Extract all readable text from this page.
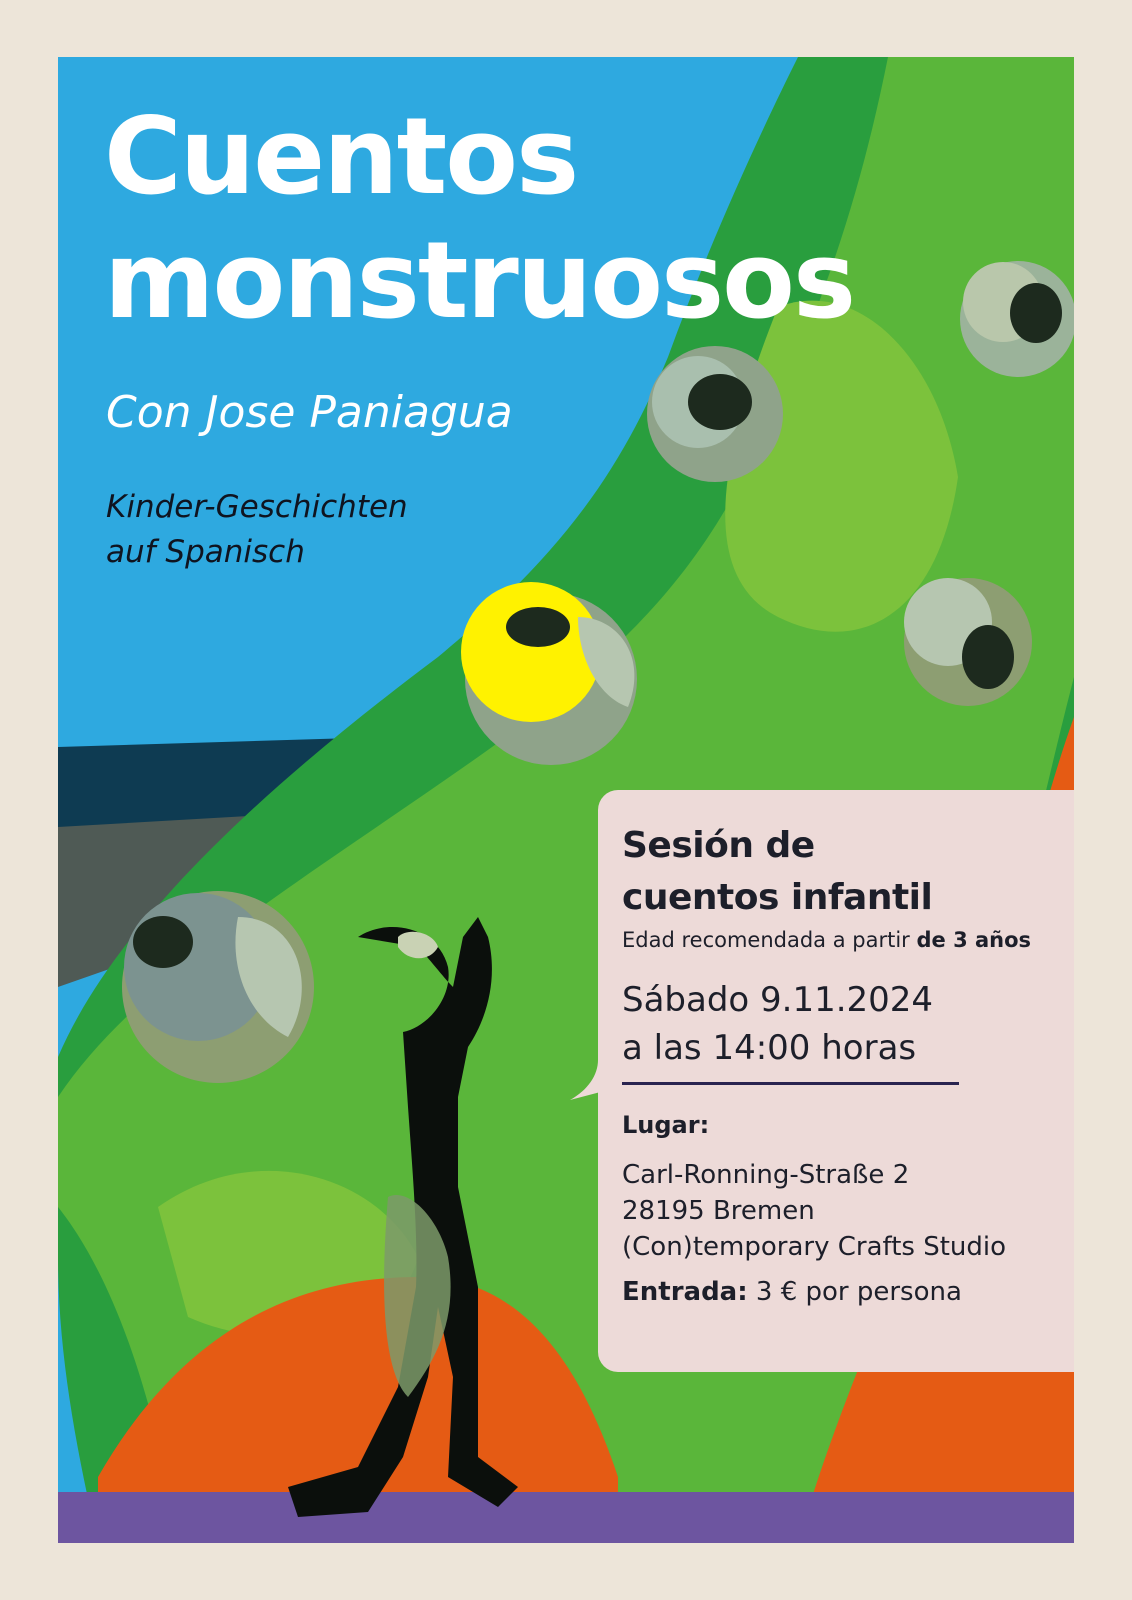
Cuentos
monstruosos
Con Jose Paniagua
Kinder-Geschichten
auf Spanisch
Sesión de
cuentos infantil
Edad recomendada a partir de 3 años
Sábado 9.11.2024
a las 14:00 horas
Lugar:
Carl-Ronning-Straße 2
28195 Bremen
(Con)temporary Crafts Studio
Entrada: 3 € por persona
